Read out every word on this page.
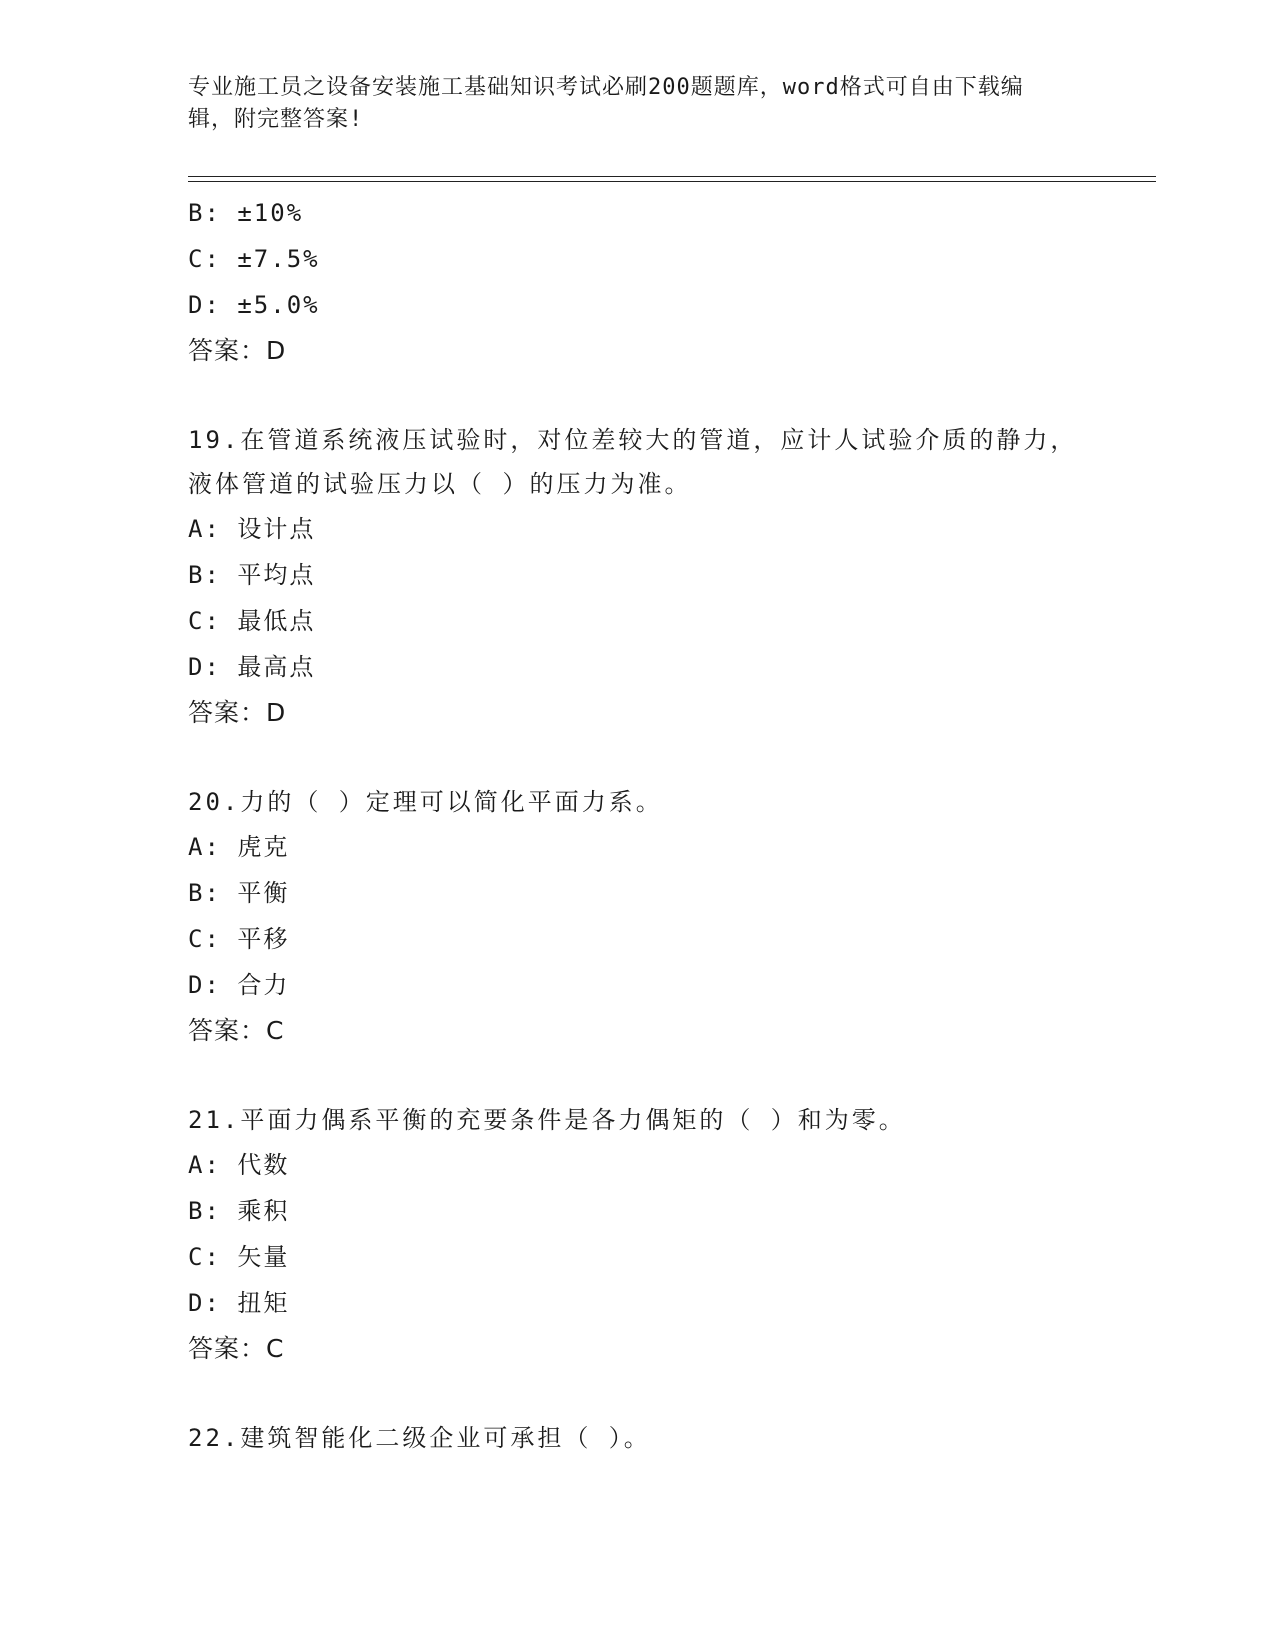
专业施工员之设备安装施工基础知识考试必刷200题题库，word格式可自由下载编辑，附完整答案!
B: ±10%
C: ±7.5%
D: ±5.0%
答案：D
19.在管道系统液压试验时，对位差较大的管道，应计人试验介质的静力，液体管道的试验压力以（ ）的压力为准。
A: 设计点
B: 平均点
C: 最低点
D: 最高点
答案：D
20.力的（ ）定理可以简化平面力系。
A: 虎克
B: 平衡
C: 平移
D: 合力
答案：C
21.平面力偶系平衡的充要条件是各力偶矩的（ ）和为零。
A: 代数
B: 乘积
C: 矢量
D: 扭矩
答案：C
22.建筑智能化二级企业可承担（ ）。
